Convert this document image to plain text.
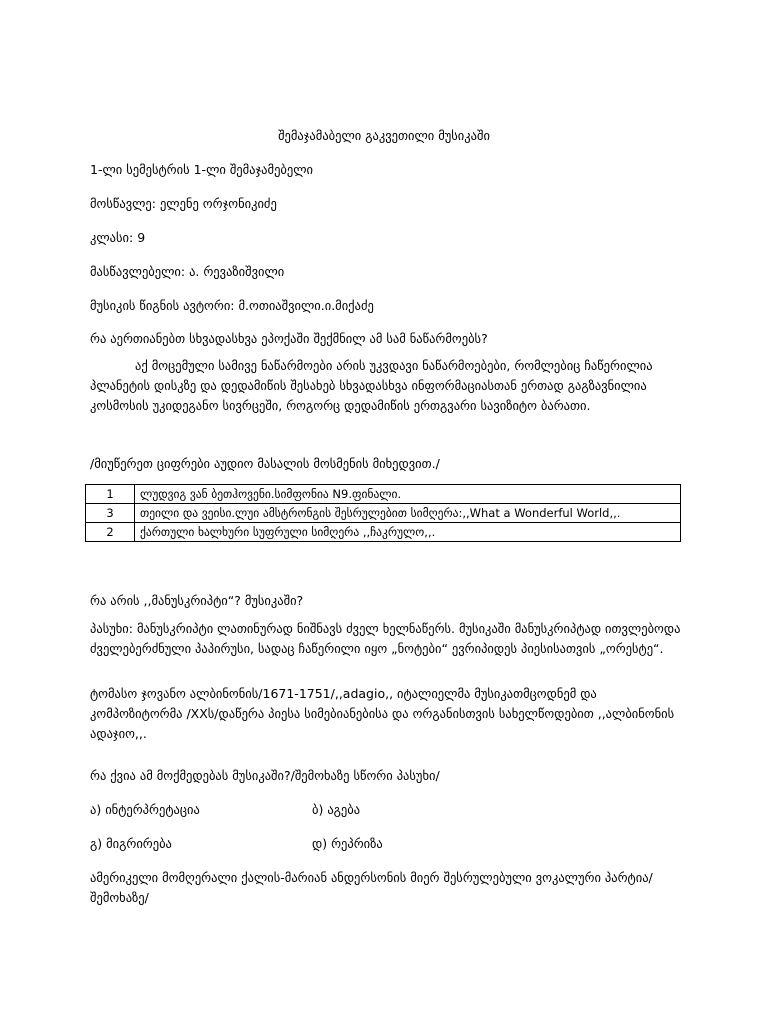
შემაჯამაბელი გაკვეთილი მუსიკაში
1-ლი სემესტრის 1-ლი შემაჯამებელი
მოსწავლე: ელენე ორჯონიკიძე
კლასი: 9
მასწავლებელი: ა. რევაზიშვილი
მუსიკის წიგნის ავტორი: მ.ოთიაშვილი.ი.მიქაძე
რა აერთიანებთ სხვადასხვა ეპოქაში შექმნილ ამ სამ ნაწარმოებს?
აქ მოცემული სამივე ნაწარმოები არის უკვდავი ნაწარმოებები, რომლებიც ჩაწერილია პლანეტის დისკზე და დედამიწის შესახებ სხვადასხვა ინფორმაციასთან ერთად გაგზავნილია კოსმოსის უკიდეგანო სივრცეში, როგორც დედამიწის ერთგვარი სავიზიტო ბარათი.
/მიუწერეთ ციფრები აუდიო მასალის მოსმენის მიხედვით./
1	ლუდვიგ ვან ბეთჰოვენი.სიმფონია N9.ფინალი.
3	თეილი და ვეისი.ლუი ამსტრონგის შესრულებით სიმღერა:,,What a Wonderful World,,.
2	ქართული ხალხური სუფრული სიმღერა ,,ჩაკრულო,,.
რა არის ,,მანუსკრიპტი“? მუსიკაში?
პასუხი: მანუსკრიპტი ლათინურად ნიშნავს ძველ ხელნაწერს. მუსიკაში მანუსკრიპტად ითვლებოდა ძველებერძნული პაპირუსი, სადაც ჩაწერილი იყო „ნოტები“ ევრიპიდეს პიესისათვის „ორესტე“.
ტომასო ჯოვანო ალბინონის/1671-1751/,,adagio,, იტალიელმა მუსიკათმცოდნემ და კომპოზიტორმა /XXს/დაწერა პიესა სიმებიანებისა და ორგანისთვის სახელწოდებით ,,ალბინონის ადაჯიო,,.
რა ქვია ამ მოქმედებას მუსიკაში?/შემოხაზე სწორი პასუხი/
ა) ინტერპრეტაცია	ბ) აგება
გ) მიგრირება	დ) რეპრიზა
ამერიკელი მომღერალი ქალის-მარიან ანდერსონის მიერ შესრულებული ვოკალური პარტია/შემოხაზე/
